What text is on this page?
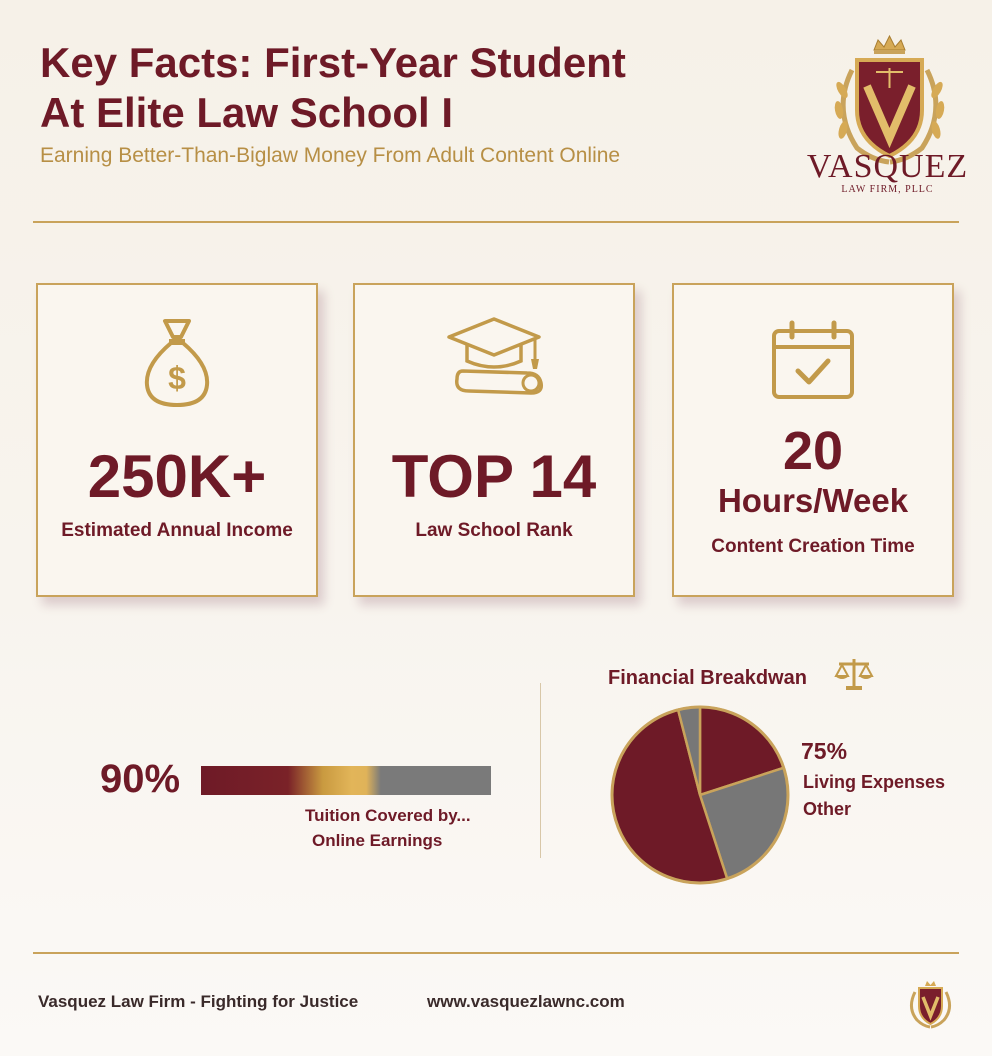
Key Facts: First-Year Student
At Elite Law School I
Earning Better-Than-Biglaw Money From Adult Content Online	VASQUEZ
LAW FIRM, PLLC
$
250K+
Estimated Annual Income
TOP 14
Law School Rank
20
Hours/Week
Content Creation Time
90%
Tuition Covered by...
Online Earnings
Financial Breakdwan
75%
Living Expenses
Other
Vasquez Law Firm - Fighting for Justice	www.vasquezlawnc.com
